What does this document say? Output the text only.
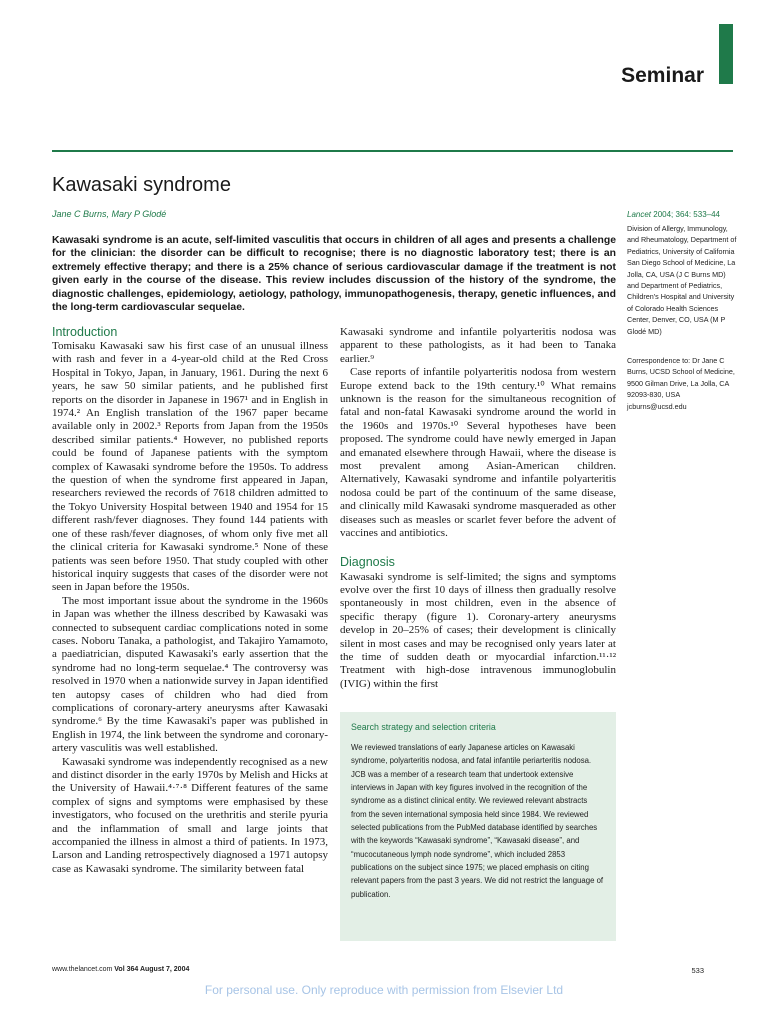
Seminar
Kawasaki syndrome
Jane C Burns, Mary P Glodé	Lancet 2004; 364: 533–44
Kawasaki syndrome is an acute, self-limited vasculitis that occurs in children of all ages and presents a challenge for the clinician: the disorder can be difficult to recognise; there is no diagnostic laboratory test; there is an extremely effective therapy; and there is a 25% chance of serious cardiovascular damage if the treatment is not given early in the course of the disease. This review includes discussion of the history of the syndrome, the diagnostic challenges, epidemiology, aetiology, pathology, immunopathogenesis, therapy, genetic influences, and the long-term cardiovascular sequelae.
Division of Allergy, Immunology, and Rheumatology, Department of Pediatrics, University of California San Diego School of Medicine, La Jolla, CA, USA (J C Burns MD) and Department of Pediatrics, Children's Hospital and University of Colorado Health Sciences Center, Denver, CO, USA (M P Glodé MD)
Correspondence to: Dr Jane C Burns, UCSD School of Medicine, 9500 Gilman Drive, La Jolla, CA 92093-830, USA jcburns@ucsd.edu
Introduction

Tomisaku Kawasaki saw his first case of an unusual illness with rash and fever in a 4-year-old child at the Red Cross Hospital in Tokyo, Japan, in January, 1961. During the next 6 years, he saw 50 similar patients, and he published first reports on the disorder in Japanese in 1967¹ and in English in 1974.² An English translation of the 1967 paper became available only in 2002.³ Reports from Japan from the 1950s described similar patients.⁴ However, no published reports could be found of Japanese patients with the symptom complex of Kawasaki syndrome before the 1950s. To address the question of when the syndrome first appeared in Japan, researchers reviewed the records of 7618 children admitted to the Tokyo University Hospital between 1940 and 1954 for 15 different rash/fever diagnoses. They found 144 patients with one of these rash/fever diagnoses, of whom only five met all the clinical criteria for Kawasaki syndrome.⁵ None of these patients was seen before 1950. That study coupled with other historical inquiry suggests that cases of the disorder were not seen in Japan before the 1950s.

The most important issue about the syndrome in the 1960s in Japan was whether the illness described by Kawasaki was connected to subsequent cardiac complications noted in some cases. Noboru Tanaka, a pathologist, and Takajiro Yamamoto, a paediatrician, disputed Kawasaki's early assertion that the syndrome had no long-term sequelae.⁴ The controversy was resolved in 1970 when a nationwide survey in Japan identified ten autopsy cases of children who had died from complications of coronary-artery aneurysms after Kawasaki syndrome.⁶ By the time Kawasaki's paper was published in English in 1974, the link between the syndrome and coronary-artery vasculitis was well established.

Kawasaki syndrome was independently recognised as a new and distinct disorder in the early 1970s by Melish and Hicks at the University of Hawaii.⁴·⁷·⁸ Different features of the same complex of signs and symptoms were emphasised by these investigators, who focused on the urethritis and sterile pyuria and the inflammation of small and large joints that accompanied the illness in almost a third of patients. In 1973, Larson and Landing retrospectively diagnosed a 1971 autopsy case as Kawasaki syndrome. The similarity between fatal

Kawasaki syndrome and infantile polyarteritis nodosa was apparent to these pathologists, as it had been to Tanaka earlier.⁹

Case reports of infantile polyarteritis nodosa from western Europe extend back to the 19th century.¹⁰ What remains unknown is the reason for the simultaneous recognition of fatal and non-fatal Kawasaki syndrome around the world in the 1960s and 1970s.¹⁰ Several hypotheses have been proposed. The syndrome could have newly emerged in Japan and emanated elsewhere through Hawaii, where the disease is most prevalent among Asian-American children. Alternatively, Kawasaki syndrome and infantile polyarteritis nodosa could be part of the continuum of the same disease, and clinically mild Kawasaki syndrome masqueraded as other diseases such as measles or scarlet fever before the advent of vaccines and antibiotics.

Diagnosis

Kawasaki syndrome is self-limited; the signs and symptoms evolve over the first 10 days of illness then gradually resolve spontaneously in most children, even in the absence of specific therapy (figure 1). Coronary-artery aneurysms develop in 20–25% of cases; their development is clinically silent in most cases and may be recognised only years later at the time of sudden death or myocardial infarction.¹¹·¹² Treatment with high-dose intravenous immunoglobulin (IVIG) within the first

Search strategy and selection criteria
We reviewed translations of early Japanese articles on Kawasaki syndrome, polyarteritis nodosa, and fatal infantile periarteritis nodosa. JCB was a member of a research team that undertook extensive interviews in Japan with key figures involved in the recognition of the syndrome as a distinct clinical entity. We reviewed relevant abstracts from the seven international symposia held since 1984. We reviewed selected publications from the PubMed database identified by searches with the keywords “Kawasaki syndrome”, “Kawasaki disease”, and “mucocutaneous lymph node syndrome”, which included 2853 publications on the subject since 1975; we placed emphasis on citing relevant papers from the past 3 years. We did not restrict the language of publication.
www.thelancet.com Vol 364 August 7, 2004	533
For personal use. Only reproduce with permission from Elsevier Ltd
